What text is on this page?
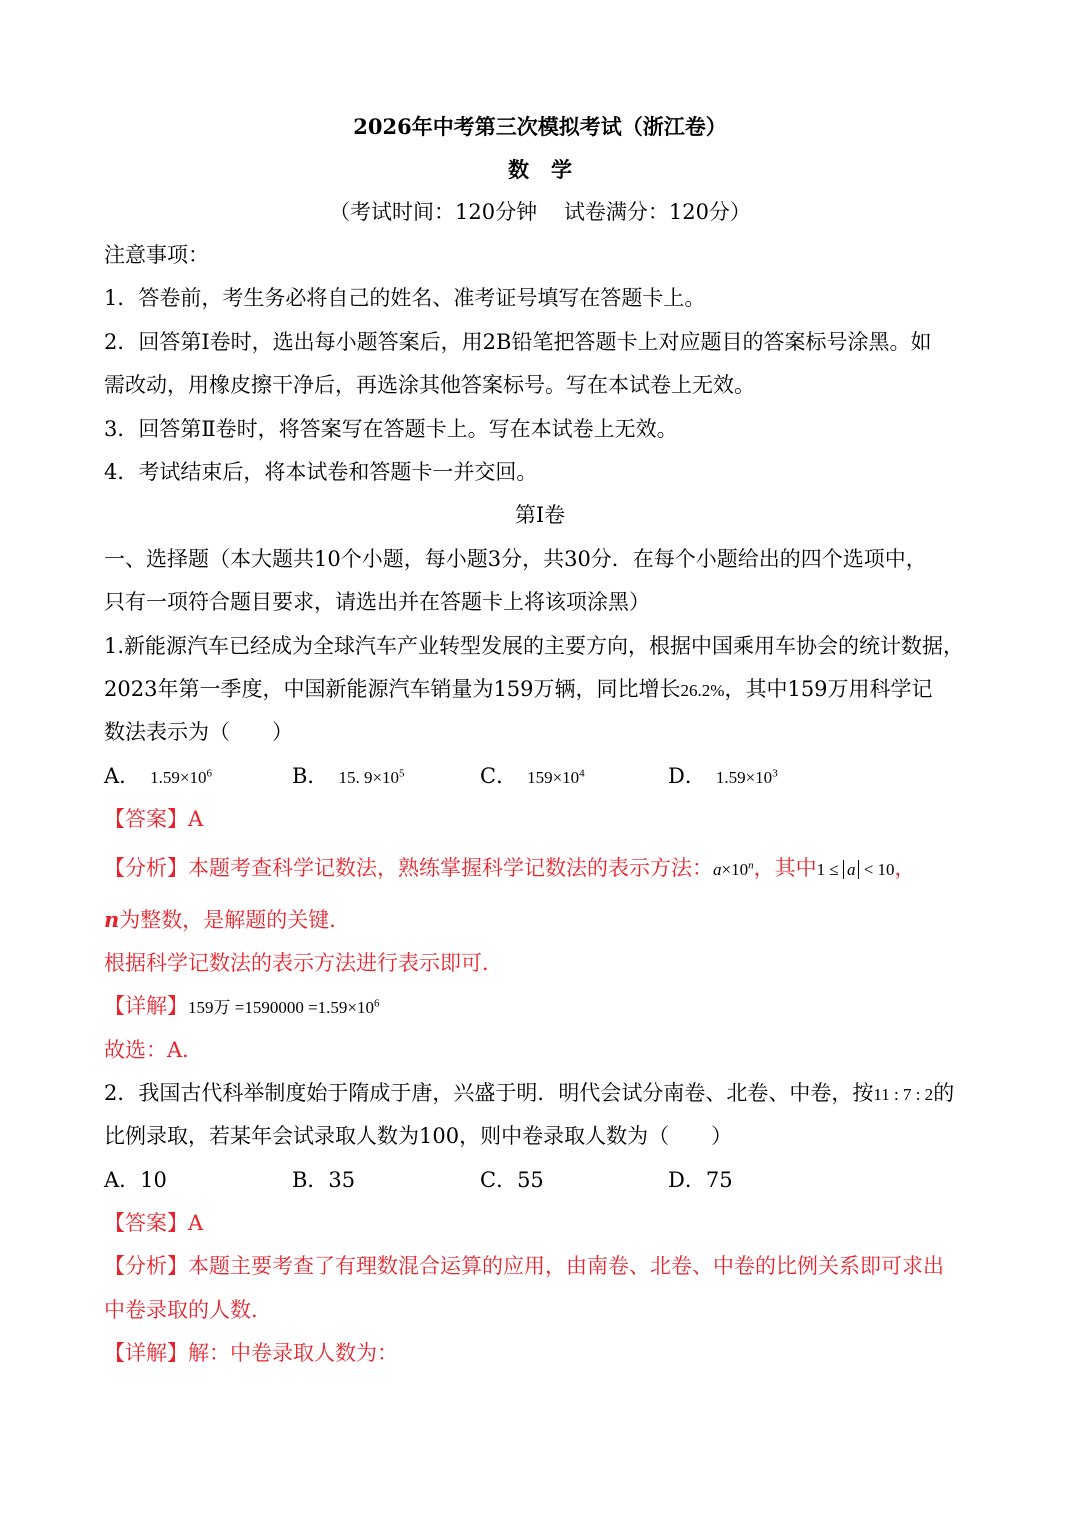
2026年中考第三次模拟考试（浙江卷）
数   学
（考试时间：120分钟    试卷满分：120分）
注意事项：
1．答卷前，考生务必将自己的姓名、准考证号填写在答题卡上。
2．回答第Ⅰ卷时，选出每小题答案后，用2B铅笔把答题卡上对应题目的答案标号涂黑。如
需改动，用橡皮擦干净后，再选涂其他答案标号。写在本试卷上无效。
3．回答第Ⅱ卷时，将答案写在答题卡上。写在本试卷上无效。
4．考试结束后，将本试卷和答题卡一并交回。
第Ⅰ卷
一、选择题（本大题共10个小题，每小题3分，共30分．在每个小题给出的四个选项中，
只有一项符合题目要求，请选出并在答题卡上将该项涂黑）
1.新能源汽车已经成为全球汽车产业转型发展的主要方向，根据中国乘用车协会的统计数据，
2023年第一季度，中国新能源汽车销量为159万辆，同比增长26.2%，其中159万用科学记
数法表示为（　　）
A． $1.59\times 10^6$	B． 15. $9\times 10^5$	C． $159\times 10^4$	D． $1.59\times 10^3$
【答案】A
【分析】本题考查科学记数法，熟练掌握科学记数法的表示方法：$a\times 10^n$，其中1 ≤ a < 10，
n为整数，是解题的关键．
根据科学记数法的表示方法进行表示即可．
【详解】159万 $=1590000 =1.59\times 10^6$
故选：A．
2．我国古代科举制度始于隋成于唐，兴盛于明．明代会试分南卷、北卷、中卷，按11 : 7 : 2的
比例录取，若某年会试录取人数为100，则中卷录取人数为（　　）
A．10	B．35	C．55	D．75
【答案】A
【分析】本题主要考查了有理数混合运算的应用，由南卷、北卷、中卷的比例关系即可求出
中卷录取的人数．
【详解】解：中卷录取人数为：
